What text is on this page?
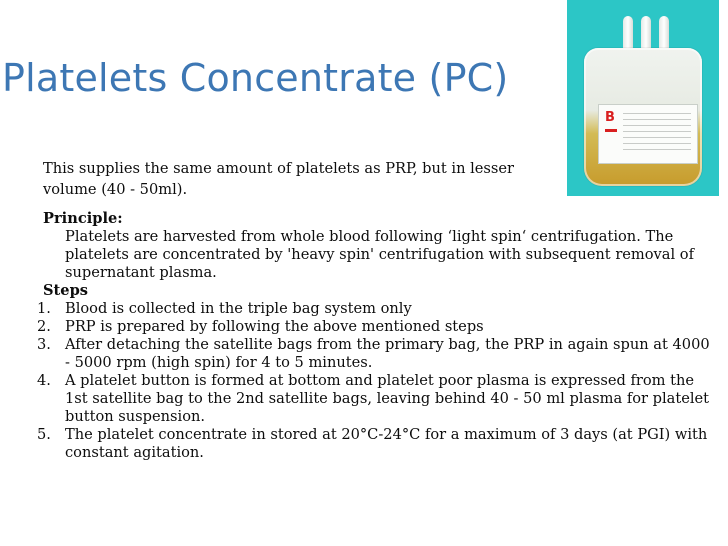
Platelets Concentrate (PC)
B
This supplies the same amount of platelets as PRP, but in lesser
volume (40 - 50ml).

Principle:

Platelets are harvested from whole blood following ‘light spin‘ centrifugation. The platelets are concentrated by 'heavy spin' centrifugation with subsequent removal of supernatant plasma.

Steps

1. Blood is collected in the triple bag system only
2. PRP is prepared by following the above mentioned steps
3. After detaching the satellite bags from the primary bag, the PRP in again spun at 4000 - 5000 rpm (high spin) for 4 to 5 minutes.
4. A platelet button is formed at bottom and platelet poor plasma is expressed from the 1st satellite bag to the 2nd satellite bags, leaving behind 40 - 50 ml plasma for platelet button suspension.
5. The platelet concentrate in stored at 20°C-24°C for a maximum of 3 days (at PGI) with constant agitation.
